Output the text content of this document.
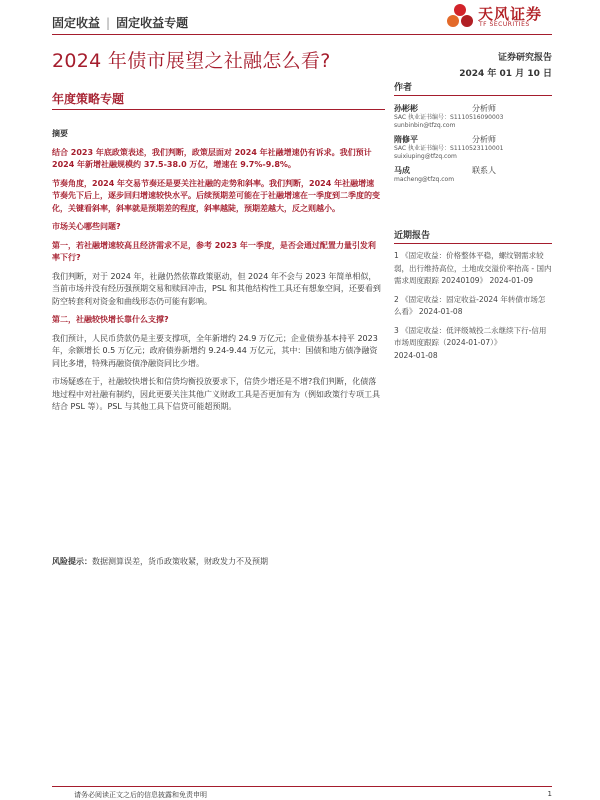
固定收益 | 固定收益专题	天风证券
TF SECURITIES
2024 年债市展望之社融怎么看?	证券研究报告
2024 年 01 月 10 日
年度策略专题

摘要

结合 2023 年底政策表述，我们判断，政策层面对 2024 年社融增速仍有诉求。我们预计 2024 年新增社融规模约 37.5-38.0 万亿，增速在 9.7%-9.8%。

节奏角度，2024 年交易节奏还是要关注社融的走势和斜率。我们判断，2024 年社融增速节奏先下后上，逐步回归增速较快水平。后续预期差可能在于社融增速在一季度到二季度的变化，关键看斜率，斜率就是预期差的程度，斜率越陡，预期差越大，反之则越小。

市场关心哪些问题?

第一，若社融增速较高且经济需求不足，参考 2023 年一季度，是否会通过配置力量引发利率下行?

我们判断，对于 2024 年，社融仍然依靠政策驱动，但 2024 年不会与 2023 年简单相似，当前市场并没有经历强预期交易和赎回冲击，PSL 和其他结构性工具还有想象空间，还要看到防空转套利对资金和曲线形态仍可能有影响。

第二，社融较快增长靠什么支撑?

我们预计，人民币贷款仍是主要支撑项，全年新增约 24.9 万亿元；企业债券基本持平 2023 年，余额增长 0.5 万亿元；政府债券新增约 9.24-9.44 万亿元，其中：国债和地方债净融资同比多增，特殊再融资债净融资同比少增。

市场疑惑在于，社融较快增长和信贷均衡投放要求下，信贷少增还是不增?我们判断，化债落地过程中对社融有制约，因此更要关注其他广义财政工具是否更加有为（例如政策行专项工具结合 PSL 等）。PSL 与其他工具下信贷可能超预期。

风险提示：数据测算误差，货币政策收紧，财政发力不及预期
作者
孙彬彬	分析师
SAC 执业证书编号：S1110516090003
sunbinbin@tfzq.com
隋修平	分析师
SAC 执业证书编号：S1110523110001
suixiuping@tfzq.com
马成	联系人
macheng@tfzq.com
近期报告

1 《固定收益：价格整体平稳，螺纹钢需求较弱，出行维持高位，土地成交溢价率抬高 - 国内需求周度跟踪 20240109》 2024-01-09

2 《固定收益：固定收益-2024 年转债市场怎么看》 2024-01-08

3 《固定收益：低评级城投二永继续下行-信用市场周度跟踪（2024-01-07）》
2024-01-08

请务必阅读正文之后的信息披露和免责申明	1
